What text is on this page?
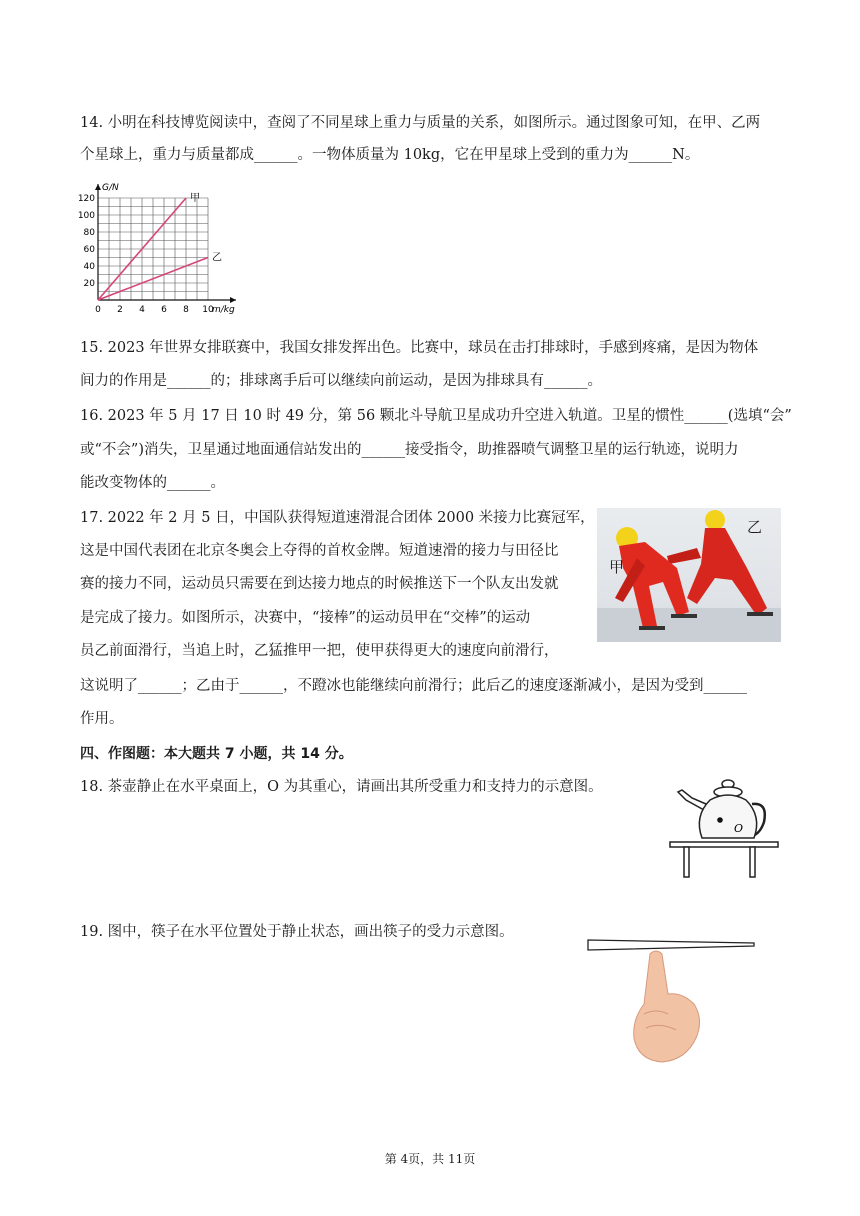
14. 小明在科技博览阅读中，查阅了不同星球上重力与质量的关系，如图所示。通过图象可知，在甲、乙两
个星球上，重力与质量都成______。一物体质量为 10kg，它在甲星球上受到的重力为______N。
0 2 4 6 8 10
20
40
60
80
100
120
G/N
m/kg
甲
乙
15. 2023 年世界女排联赛中，我国女排发挥出色。比赛中，球员在击打排球时，手感到疼痛，是因为物体
间力的作用是______的；排球离手后可以继续向前运动，是因为排球具有______。
16. 2023 年 5 月 17 日 10 时 49 分，第 56 颗北斗导航卫星成功升空进入轨道。卫星的惯性______(选填“会”
或“不会”)消失，卫星通过地面通信站发出的______接受指令，助推器喷气调整卫星的运行轨迹，说明力
能改变物体的______。
17. 2022 年 2 月 5 日，中国队获得短道速滑混合团体 2000 米接力比赛冠军，
这是中国代表团在北京冬奥会上夺得的首枚金牌。短道速滑的接力与田径比
赛的接力不同，运动员只需要在到达接力地点的时候推送下一个队友出发就
是完成了接力。如图所示，决赛中，“接棒”的运动员甲在“交棒”的运动
员乙前面滑行，当追上时，乙猛推甲一把，使甲获得更大的速度向前滑行，
这说明了______；乙由于______，不蹬冰也能继续向前滑行；此后乙的速度逐渐减小，是因为受到______
作用。
甲
乙
四、作图题：本大题共 7 小题，共 14 分。
18. 茶壶静止在水平桌面上，O 为其重心，请画出其所受重力和支持力的示意图。
O
19. 图中，筷子在水平位置处于静止状态，画出筷子的受力示意图。
第 4页，共 11页
